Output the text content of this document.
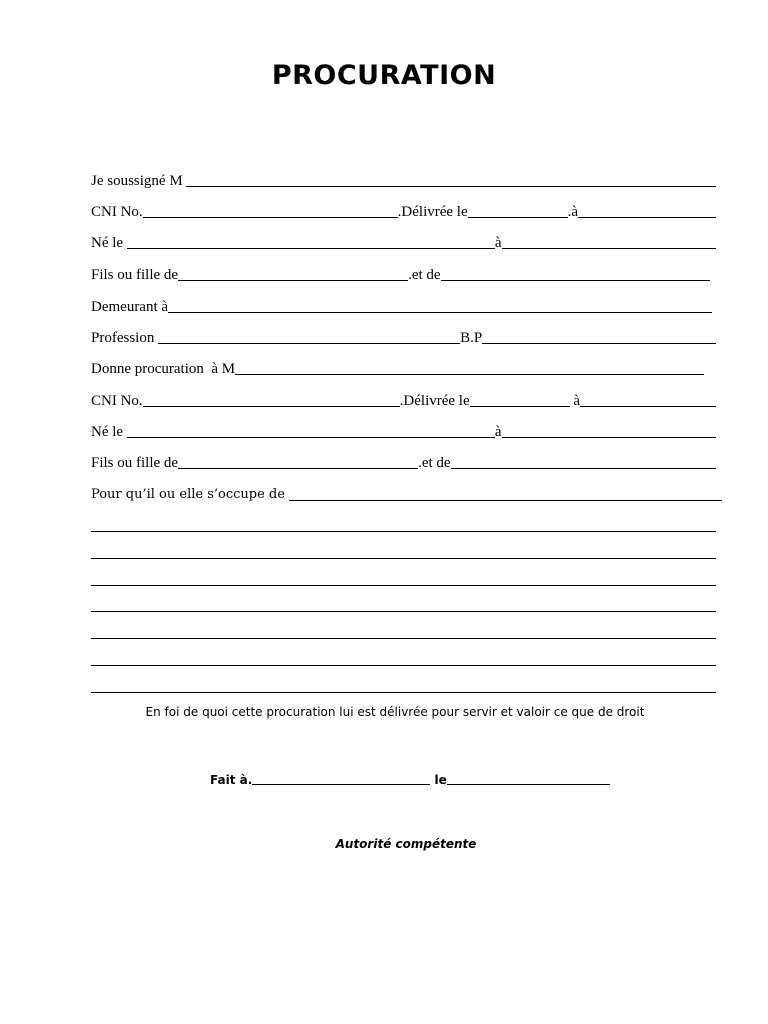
PROCURATION
Je soussigné M
CNI No.	.Délivrée le	.à
Né le	à
Fils ou fille de	.et de
Demeurant à
Profession	B.P
Donne procuration  à M
CNI No.	.Délivrée le	à
Né le	à
Fils ou fille de	.et de
Pour qu’il ou elle s’occupe de
En foi de quoi cette procuration lui est délivrée pour servir et valoir ce que de droit
Fait à.	le
Autorité compétente
